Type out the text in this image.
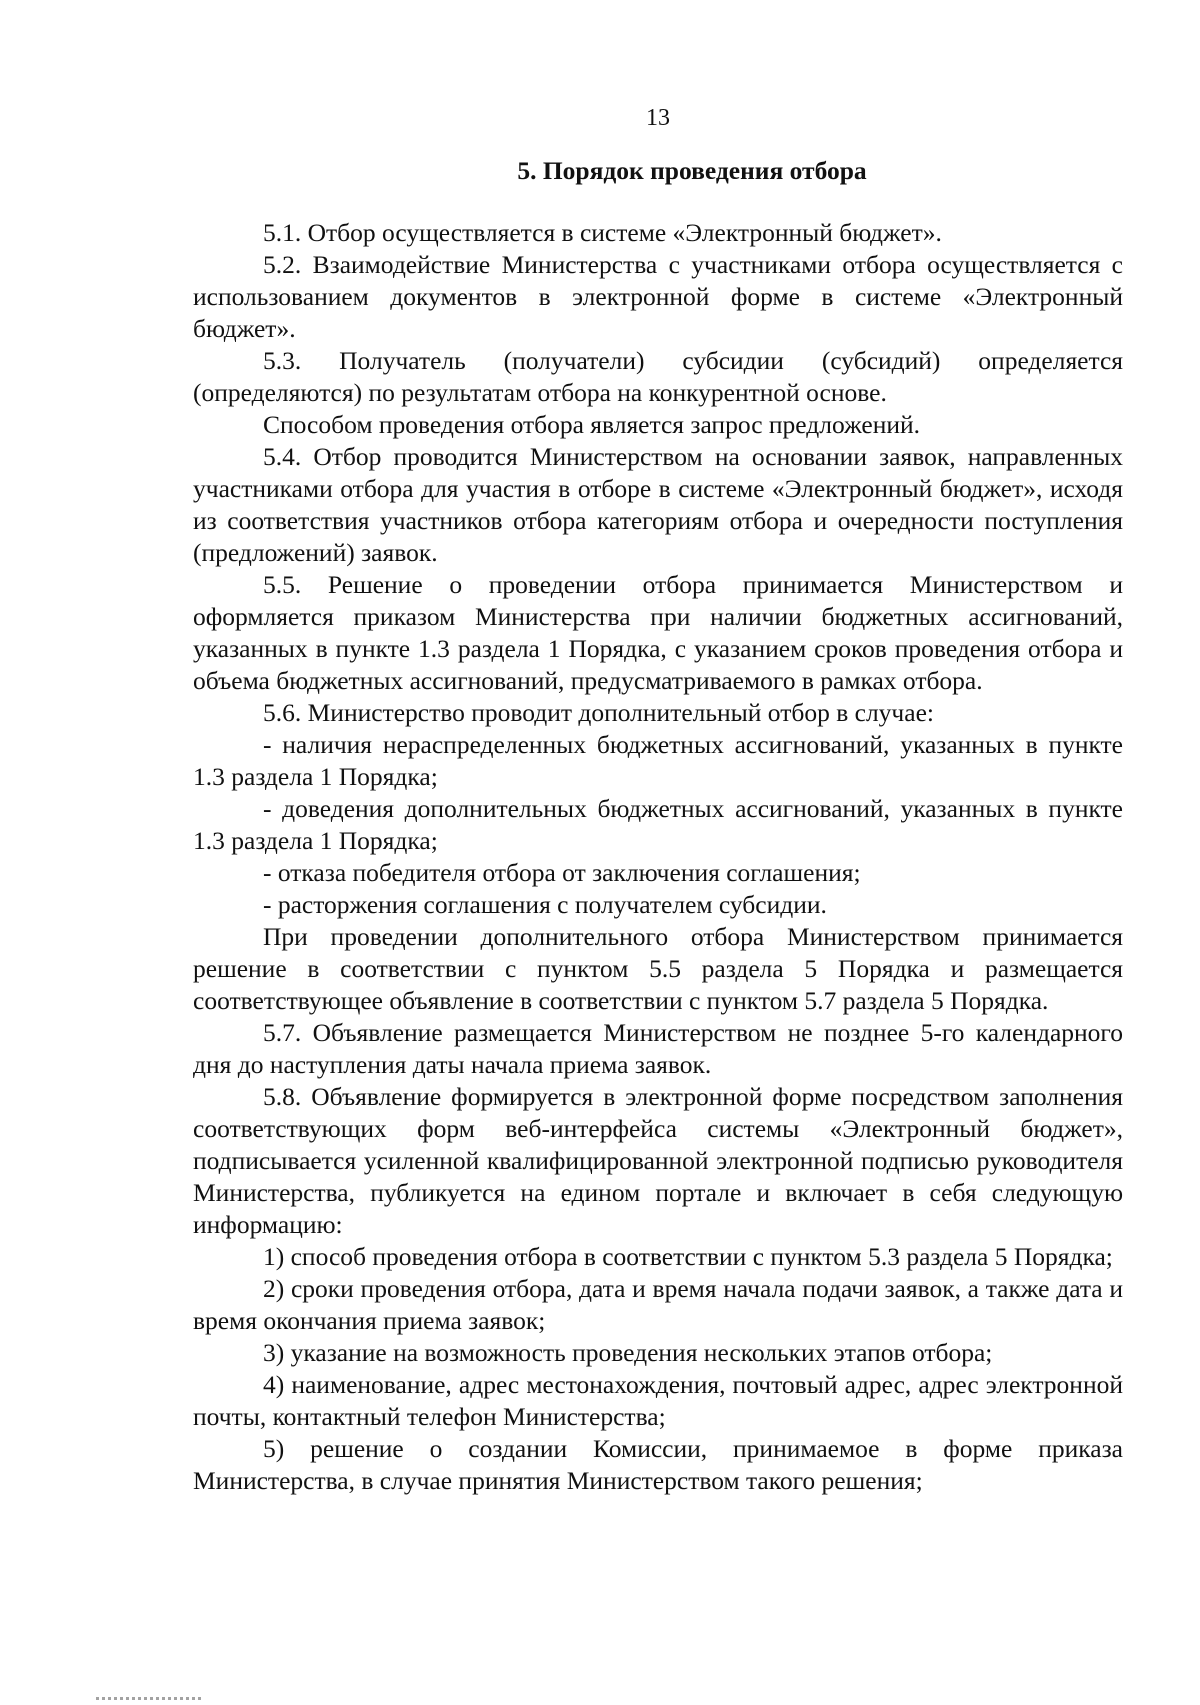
13
5. Порядок проведения отбора

5.1. Отбор осуществляется в системе «Электронный бюджет».

5.2. Взаимодействие Министерства с участниками отбора осуществляется с использованием документов в электронной форме в системе «Электронный бюджет».

5.3. Получатель (получатели) субсидии (субсидий) определяется (определяются) по результатам отбора на конкурентной основе.

Способом проведения отбора является запрос предложений.

5.4. Отбор проводится Министерством на основании заявок, направленных участниками отбора для участия в отборе в системе «Электронный бюджет», исходя из соответствия участников отбора категориям отбора и очередности поступления (предложений) заявок.

5.5. Решение о проведении отбора принимается Министерством и оформляется приказом Министерства при наличии бюджетных ассигнований, указанных в пункте 1.3 раздела 1 Порядка, с указанием сроков проведения отбора и объема бюджетных ассигнований, предусматриваемого в рамках отбора.

5.6. Министерство проводит дополнительный отбор в случае:

- наличия нераспределенных бюджетных ассигнований, указанных в пункте 1.3 раздела 1 Порядка;

- доведения дополнительных бюджетных ассигнований, указанных в пункте 1.3 раздела 1 Порядка;

- отказа победителя отбора от заключения соглашения;

- расторжения соглашения с получателем субсидии.

При проведении дополнительного отбора Министерством принимается решение в соответствии с пунктом 5.5 раздела 5 Порядка и размещается соответствующее объявление в соответствии с пунктом 5.7 раздела 5 Порядка.

5.7. Объявление размещается Министерством не позднее 5-го календарного дня до наступления даты начала приема заявок.

5.8. Объявление формируется в электронной форме посредством заполнения соответствующих форм веб-интерфейса системы «Электронный бюджет», подписывается усиленной квалифицированной электронной подписью руководителя Министерства, публикуется на едином портале и включает в себя следующую информацию:

1) способ проведения отбора в соответствии с пунктом 5.3 раздела 5 Порядка;

2) сроки проведения отбора, дата и время начала подачи заявок, а также дата и время окончания приема заявок;

3) указание на возможность проведения нескольких этапов отбора;

4) наименование, адрес местонахождения, почтовый адрес, адрес электронной почты, контактный телефон Министерства;

5) решение о создании Комиссии, принимаемое в форме приказа Министерства, в случае принятия Министерством такого решения;
